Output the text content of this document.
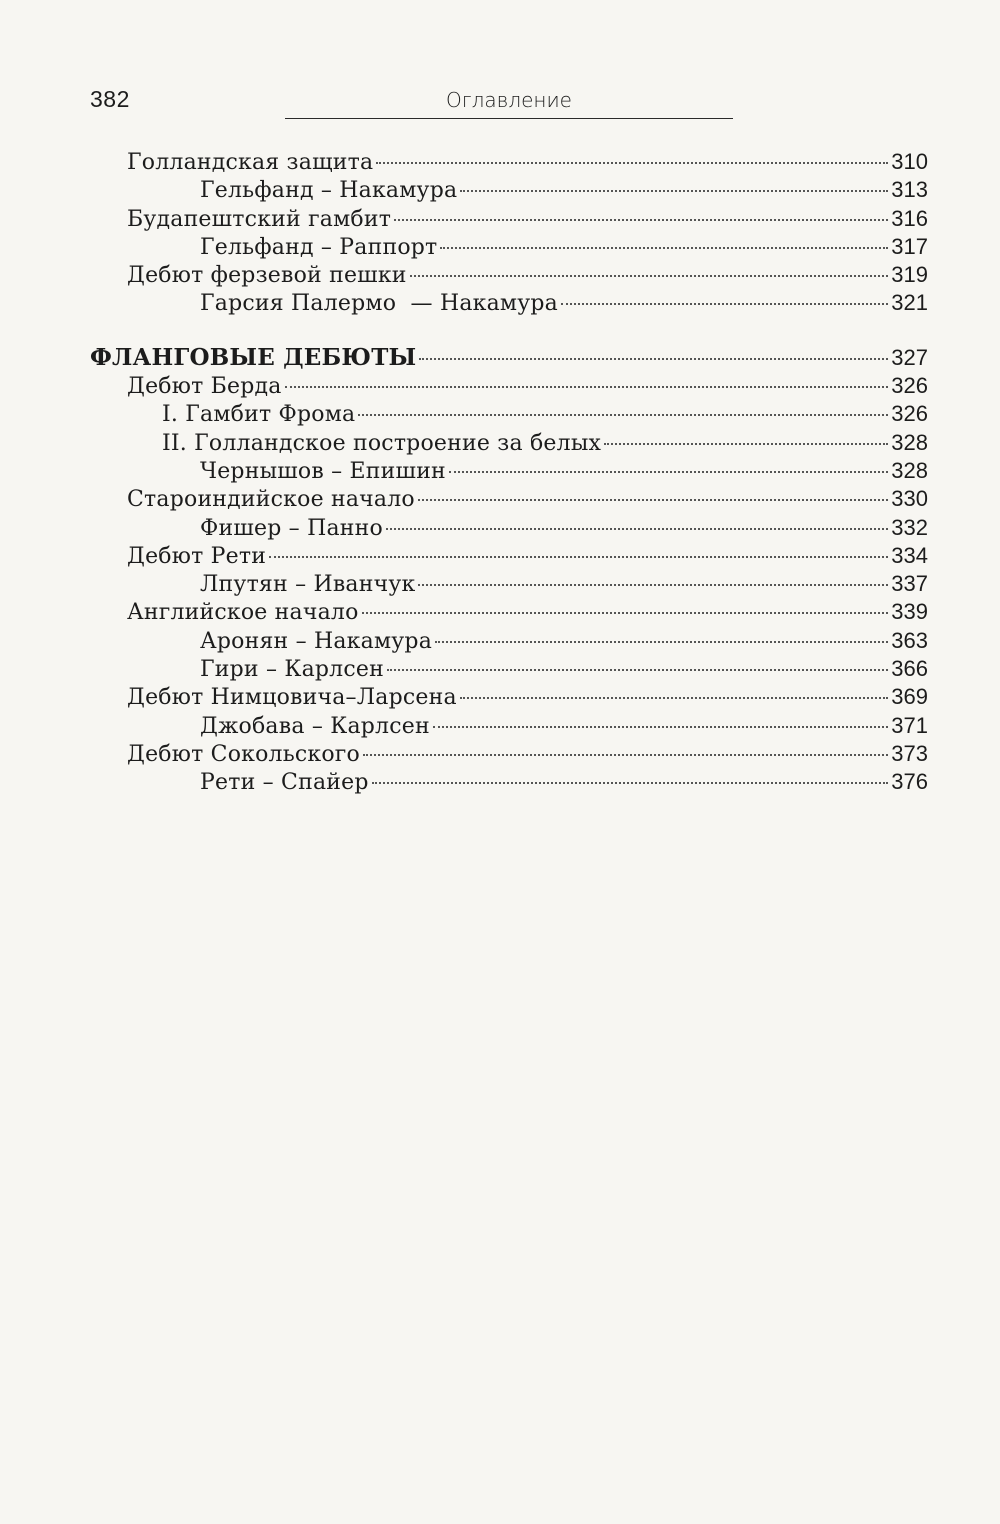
382	Оглавление
Голландская защита	310
Гельфанд – Накамура	313
Будапештский гамбит	316
Гельфанд – Раппорт	317
Дебют ферзевой пешки	319
Гарсия Палермо  — Накамура	321
ФЛАНГОВЫЕ ДЕБЮТЫ	327
Дебют Берда	326
I. Гамбит Фрома	326
II. Голландское построение за белых	328
Чернышов – Епишин	328
Староиндийское начало	330
Фишер – Панно	332
Дебют Рети	334
Лпутян – Иванчук	337
Английское начало	339
Аронян – Накамура	363
Гири – Карлсен	366
Дебют Нимцовича–Ларсена	369
Джобава – Карлсен	371
Дебют Сокольского	373
Рети – Спайер	376
